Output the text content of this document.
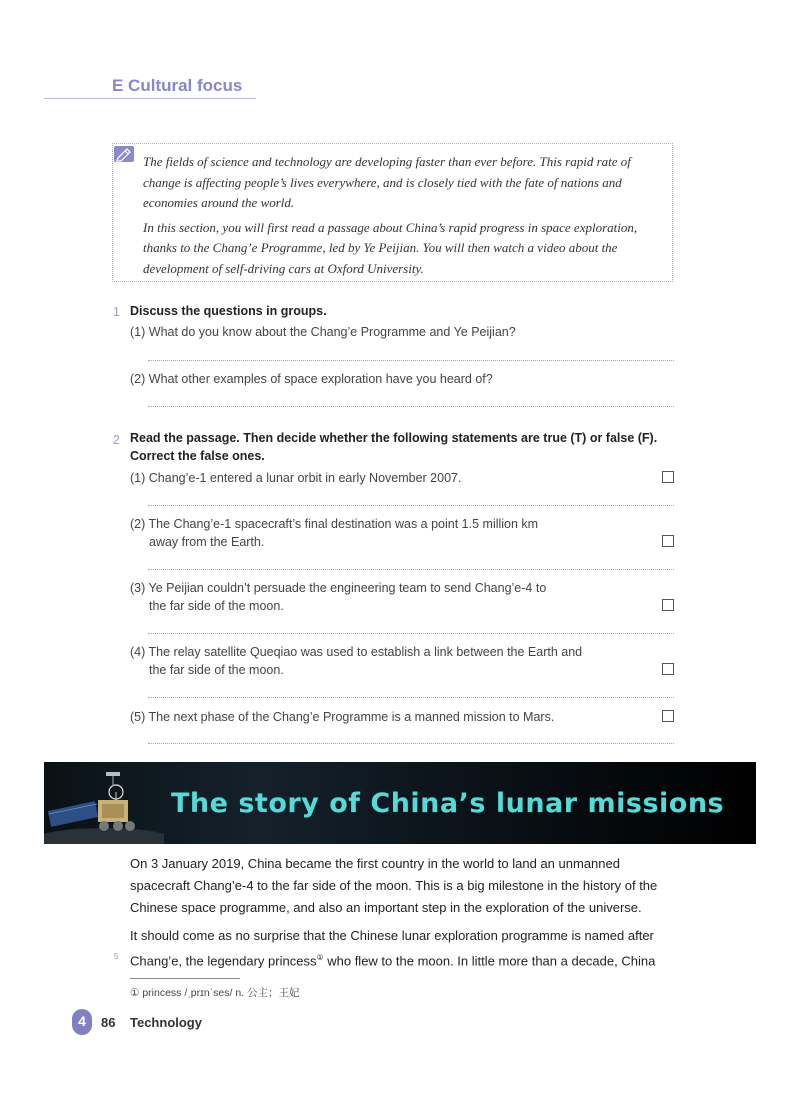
E Cultural focus

The fields of science and technology are developing faster than ever before. This rapid rate of change is affecting people’s lives everywhere, and is closely tied with the fate of nations and economies around the world.

In this section, you will first read a passage about China’s rapid progress in space exploration, thanks to the Chang’e Programme, led by Ye Peijian. You will then watch a video about the development of self-driving cars at Oxford University.

1 Discuss the questions in groups.
(1) What do you know about the Chang’e Programme and Ye Peijian?
(2) What other examples of space exploration have you heard of?
2 Read the passage. Then decide whether the following statements are true (T) or false (F). Correct the false ones.
(1) Chang’e-1 entered a lunar orbit in early November 2007.
(2) The Chang’e-1 spacecraft’s final destination was a point 1.5 million km
away from the Earth.
(3) Ye Peijian couldn’t persuade the engineering team to send Chang’e-4 to
the far side of the moon.
(4) The relay satellite Queqiao was used to establish a link between the Earth and
the far side of the moon.
(5) The next phase of the Chang’e Programme is a manned mission to Mars.
The story of China’s lunar missions

On 3 January 2019, China became the first country in the world to land an unmanned spacecraft Chang’e-4 to the far side of the moon. This is a big milestone in the history of the Chinese space programme, and also an important step in the exploration of the universe.

It should come as no surprise that the Chinese lunar exploration programme is named after Chang’e, the legendary princess① who flew to the moon. In little more than a decade, China

5
① princess /ˌprɪnˈses/ n. 公主；王妃
4	86 Technology
